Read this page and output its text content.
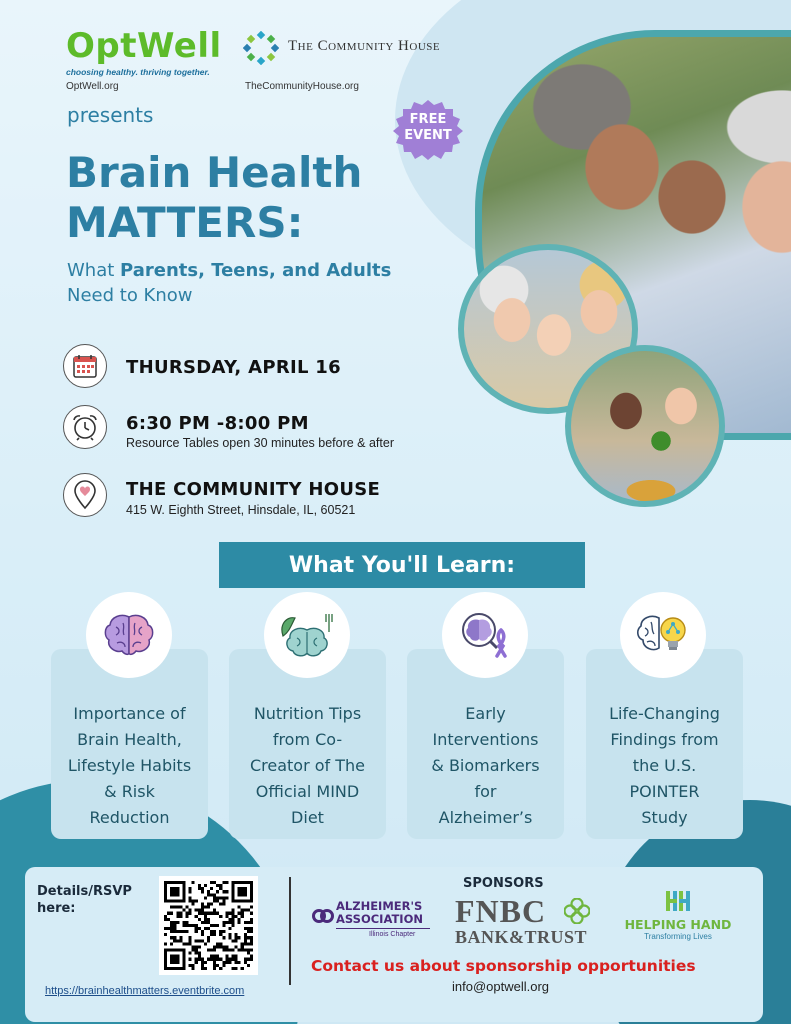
OptWell
choosing healthy. thriving together.
OptWell.org
The Community House
TheCommunityHouse.org
presents	FREE
EVENT
Brain Health
MATTERS:
What Parents, Teens, and Adults
Need to Know
THURSDAY, APRIL 16
6:30 PM -8:00 PM
Resource Tables open 30 minutes before & after
THE COMMUNITY HOUSE
415 W. Eighth Street, Hinsdale, IL, 60521
What You'll Learn:
Importance of
Brain Health,
Lifestyle Habits
& Risk
Reduction
Nutrition Tips
from Co-
Creator of The
Official MIND
Diet
Early
Interventions
& Biomarkers
for
Alzheimer’s
Life-Changing
Findings from
the U.S.
POINTER
Study
Details/RSVP
here:
https://brainhealthmatters.eventbrite.com
SPONSORS
ALZHEIMER'S
ASSOCIATION
Illinois Chapter
FNBC
BANK&TRUST
HELPING HAND
Transforming Lives
Contact us about sponsorship opportunities
info@optwell.org
